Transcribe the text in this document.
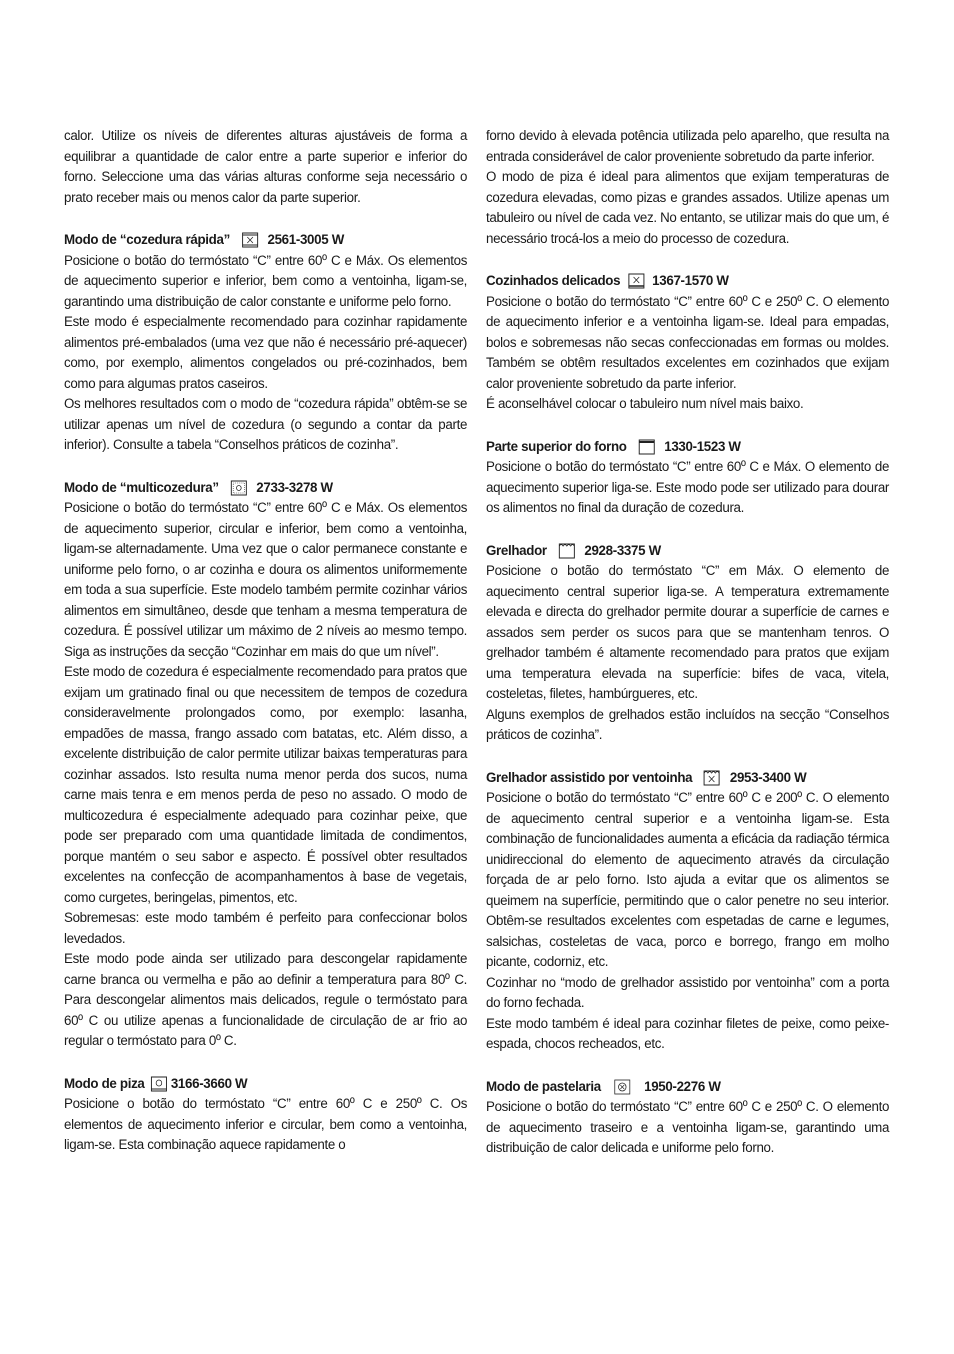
calor. Utilize os níveis de diferentes alturas ajustáveis de forma a equilibrar a quantidade de calor entre a parte superior e inferior do forno. Seleccione uma das várias alturas conforme seja necessário o prato receber mais ou menos calor da parte superior.

Modo de “cozedura rápida”	2561-3005 W

Posicione o botão do termóstato “C” entre 60º C e Máx. Os elementos de aquecimento superior e inferior, bem como a ventoinha, ligam-se, garantindo uma distribuição de calor constante e uniforme pelo forno.

Este modo é especialmente recomendado para cozinhar rapidamente alimentos pré-embalados (uma vez que não é necessário pré-aquecer) como, por exemplo, alimentos congelados ou pré-cozinhados, bem como para algumas pratos caseiros.

Os melhores resultados com o modo de “cozedura rápida” obtêm-se se utilizar apenas um nível de cozedura (o segundo a contar da parte inferior). Consulte a tabela “Conselhos práticos de cozinha”.

Modo de “multicozedura”	2733-3278 W

Posicione o botão do termóstato “C” entre 60º C e Máx. Os elementos de aquecimento superior, circular e inferior, bem como a ventoinha, ligam-se alternadamente. Uma vez que o calor permanece constante e uniforme pelo forno, o ar cozinha e doura os alimentos uniformemente em toda a sua superfície. Este modelo também permite cozinhar vários alimentos em simultâneo, desde que tenham a mesma temperatura de cozedura. É possível utilizar um máximo de 2 níveis ao mesmo tempo. Siga as instruções da secção “Cozinhar em mais do que um nível”.

Este modo de cozedura é especialmente recomendado para pratos que exijam um gratinado final ou que necessitem de tempos de cozedura consideravelmente prolongados como, por exemplo: lasanha, empadões de massa, frango assado com batatas, etc. Além disso, a excelente distribuição de calor permite utilizar baixas temperaturas para cozinhar assados. Isto resulta numa menor perda dos sucos, numa carne mais tenra e em menos perda de peso no assado. O modo de multicozedura é especialmente adequado para cozinhar peixe, que pode ser preparado com uma quantidade limitada de condimentos, porque mantém o seu sabor e aspecto. É possível obter resultados excelentes na confecção de acompanhamentos à base de vegetais, como curgetes, beringelas, pimentos, etc.

Sobremesas: este modo também é perfeito para confeccionar bolos levedados.

Este modo pode ainda ser utilizado para descongelar rapidamente carne branca ou vermelha e pão ao definir a temperatura para 80º C. Para descongelar alimentos mais delicados, regule o termóstato para 60º C ou utilize apenas a funcionalidade de circulação de ar frio ao regular o termóstato para 0º C.

Modo de piza 3166-3660 W

Posicione o botão do termóstato “C” entre 60º C e 250º C. Os elementos de aquecimento inferior e circular, bem como a ventoinha, ligam-se. Esta combinação aquece rapidamente o

forno devido à elevada potência utilizada pelo aparelho, que resulta na entrada considerável de calor proveniente sobretudo da parte inferior.

O modo de piza é ideal para alimentos que exijam temperaturas de cozedura elevadas, como pizas e grandes assados. Utilize apenas um tabuleiro ou nível de cada vez. No entanto, se utilizar mais do que um, é necessário trocá-los a meio do processo de cozedura.

Cozinhados delicados 1367-1570 W

Posicione o botão do termóstato “C” entre 60º C e 250º C. O elemento de aquecimento inferior e a ventoinha ligam-se. Ideal para empadas, bolos e sobremesas não secas confeccionadas em formas ou moldes. Também se obtêm resultados excelentes em cozinhados que exijam calor proveniente sobretudo da parte inferior.

É aconselhável colocar o tabuleiro num nível mais baixo.

Parte superior do forno	1330-1523 W

Posicione o botão do termóstato “C” entre 60º C e Máx. O elemento de aquecimento superior liga-se. Este modo pode ser utilizado para dourar os alimentos no final da duração de cozedura.

Grelhador	2928-3375 W

Posicione o botão do termóstato “C” em Máx. O elemento de aquecimento central superior liga-se. A temperatura extremamente elevada e directa do grelhador permite dourar a superfície de carnes e assados sem perder os sucos para que se mantenham tenros. O grelhador também é altamente recomendado para pratos que exijam uma temperatura elevada na superfície: bifes de vaca, vitela, costeletas, filetes, hambúrgueres, etc.

Alguns exemplos de grelhados estão incluídos na secção “Conselhos práticos de cozinha”.

Grelhador assistido por ventoinha	2953-3400 W

Posicione o botão do termóstato “C” entre 60º C e 200º C. O elemento de aquecimento central superior e a ventoinha ligam-se. Esta combinação de funcionalidades aumenta a eficácia da radiação térmica unidireccional do elemento de aquecimento através da circulação forçada de ar pelo forno. Isto ajuda a evitar que os alimentos se queimem na superfície, permitindo que o calor penetre no seu interior. Obtêm-se resultados excelentes com espetadas de carne e legumes, salsichas, costeletas de vaca, porco e borrego, frango em molho picante, codorniz, etc.

Cozinhar no “modo de grelhador assistido por ventoinha” com a porta do forno fechada.

Este modo também é ideal para cozinhar filetes de peixe, como peixe-espada, chocos recheados, etc.

Modo de pastelaria	1950-2276 W

Posicione o botão do termóstato “C” entre 60º C e 250º C. O elemento de aquecimento traseiro e a ventoinha ligam-se, garantindo uma distribuição de calor delicada e uniforme pelo forno.
